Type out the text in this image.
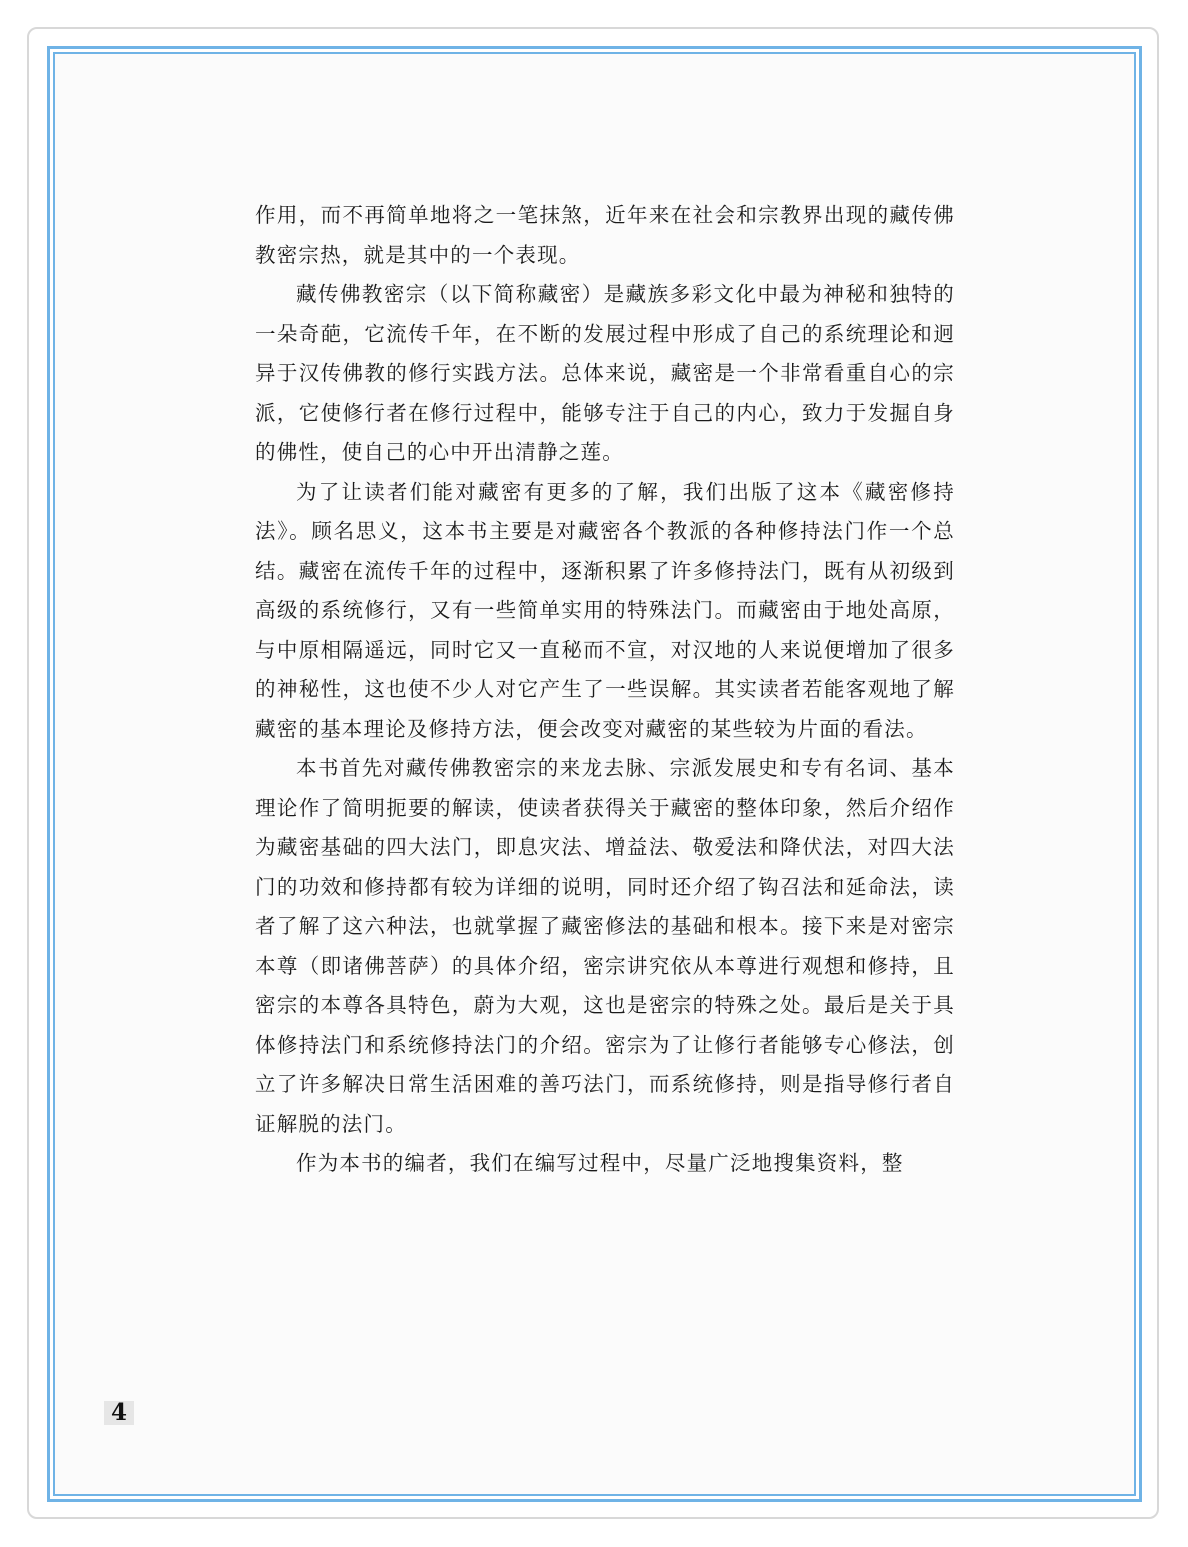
作用，而不再简单地将之一笔抹煞，近年来在社会和宗教界出现的藏传佛教密宗热，就是其中的一个表现。

藏传佛教密宗（以下简称藏密）是藏族多彩文化中最为神秘和独特的一朵奇葩，它流传千年，在不断的发展过程中形成了自己的系统理论和迥异于汉传佛教的修行实践方法。总体来说，藏密是一个非常看重自心的宗派，它使修行者在修行过程中，能够专注于自己的内心，致力于发掘自身的佛性，使自己的心中开出清静之莲。

为了让读者们能对藏密有更多的了解，我们出版了这本《藏密修持法》。顾名思义，这本书主要是对藏密各个教派的各种修持法门作一个总结。藏密在流传千年的过程中，逐渐积累了许多修持法门，既有从初级到高级的系统修行，又有一些简单实用的特殊法门。而藏密由于地处高原，与中原相隔遥远，同时它又一直秘而不宣，对汉地的人来说便增加了很多的神秘性，这也使不少人对它产生了一些误解。其实读者若能客观地了解藏密的基本理论及修持方法，便会改变对藏密的某些较为片面的看法。

本书首先对藏传佛教密宗的来龙去脉、宗派发展史和专有名词、基本理论作了简明扼要的解读，使读者获得关于藏密的整体印象，然后介绍作为藏密基础的四大法门，即息灾法、增益法、敬爱法和降伏法，对四大法门的功效和修持都有较为详细的说明，同时还介绍了钩召法和延命法，读者了解了这六种法，也就掌握了藏密修法的基础和根本。接下来是对密宗本尊（即诸佛菩萨）的具体介绍，密宗讲究依从本尊进行观想和修持，且密宗的本尊各具特色，蔚为大观，这也是密宗的特殊之处。最后是关于具体修持法门和系统修持法门的介绍。密宗为了让修行者能够专心修法，创立了许多解决日常生活困难的善巧法门，而系统修持，则是指导修行者自证解脱的法门。

作为本书的编者，我们在编写过程中，尽量广泛地搜集资料，整

4
